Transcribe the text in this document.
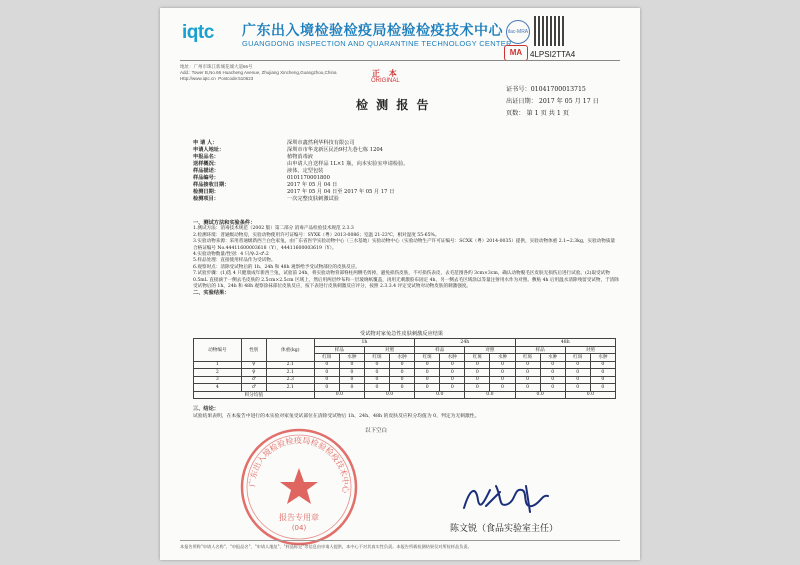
iqtc 广东出入境检验检疫局检验检疫技术中心
GUANGDONG INSPECTION AND QUARANTINE TECHNOLOGY CENTER
ilac-MRA
MA 4LPSI2TTA4
地址：广州市珠江新城花城大道66号
Add.: Tower B,No.66 Huacheng Avenue, Zhujiang Xincheng,Guangzhou,China
Http://www.iqtc.cn Postcode:510623
正 本
ORIGINAL
检 测 报 告
证书号：01041700013715
出证日期： 2017 年 05 月 17 日
页数： 第 1 页 共 1 页
申 请 人：	深圳市鑫然利华科技有限公司
申请人地址：	深圳市市华龙新区民治9村九巷七栋 1204
申报品名：	植物消毒液
送样概况：	由申请人自送样品 1L×1 瓶，向本实验室申请检验。
样品描述：	液体，定型包装
样品编号：	0101170001800
样品接收日期：	2017 年 05 月 04 日
检测日期：	2017 年 05 月 04 日至 2017 年 05 月 17 日
检测项目：	一次完整皮肤刺激试验

一、测试方法和实验条件：

1.测试方法：消毒技术规范（2002 版）第二部分 消毒产品检验技术规范 2.3.3

2.检测环境：普通级动物房，实验动物使用许可证编号：SYXK（粤）2013-0086；室温 21-23℃，相对湿度 55-65%。

3.实验动物来源：采用普通级新西兰白色家兔，由广东省医学实验动物中心（三水基地）实验动物中心（实验动物生产许可证编号：SCXK（粤）2014-0035）提供，实验动物体重 2.1~2.3kg，实验动物质量合格证编号 No.44411600003618（Y），44411600003619（Y）。

4.实验动物数量/性别：4 只/♀:2-♂:2

5.样品处理：直接使用样品作为受试物。

6.观察时点：清除受试物后的 1h、24h 和 48h 观察给予受试物部位的皮肤反应。

7.试验步骤：(1)选 4 只健康成年新西兰兔，试验前 24h，将实验动物背部脊柱两侧毛剪掉，避免损伤皮肤，不可损伤表皮，去毛范围各约 3cm×3cm，确认动物脱毛区皮肤无损伤后进行试验。(2)取受试物 0.5mL 直接滴于一侧去毛皮肤的 2.5cm×2.5cm 区域上，然后用两层纱布和一层玻璃纸覆盖，再用无刺激胶布固定 4h，另一侧去毛区域涂以等量注射用水作为对照。敷贴 4h 后用温水清除残留受试物，于清除受试物后的 1h、24h 和 48h 观察涂抹部位皮肤反应，按下表进行皮肤刺激反应评分，按照 2.3.3.4 评定受试物对动物皮肤的刺激强度。

二、实验结果：

受试物对家兔急性皮肤刺激反应结果
动物编号	性别	体重(kg)	1h				24h				48h			
			样品		对照		样品		对照		样品		对照	
			红斑	水肿	红斑	水肿	红斑	水肿	红斑	水肿	红斑	水肿	红斑	水肿
1	♀	2.1	0	0	0	0	0	0	0	0	0	0	0	0
2	♀	2.1	0	0	0	0	0	0	0	0	0	0	0	0
3	♂	2.3	0	0	0	0	0	0	0	0	0	0	0	0
4	♂	2.1	0	0	0	0	0	0	0	0	0	0	0	0
积分均值			0.0		0.0		0.0		0.0		0.0		0.0	
三、结论：
试验结果表明，在本报告中进行的本实验对家兔受试部位在清除受试物后 1h、24h、48h 的皮肤反应积分均值为 0，判定为无刺激性。
以下空白
广东出入境检验检疫局检验检疫技术中心
报告专用章
(04)	陈文锐（食品实验室主任）
本报告所称"申请人名称"、"申报品名"、"申请人地址"、"样品标记"等信息由申请人提供，本中心不对其真实性负责。本报告所载检测结果仅对所检样品负责。
